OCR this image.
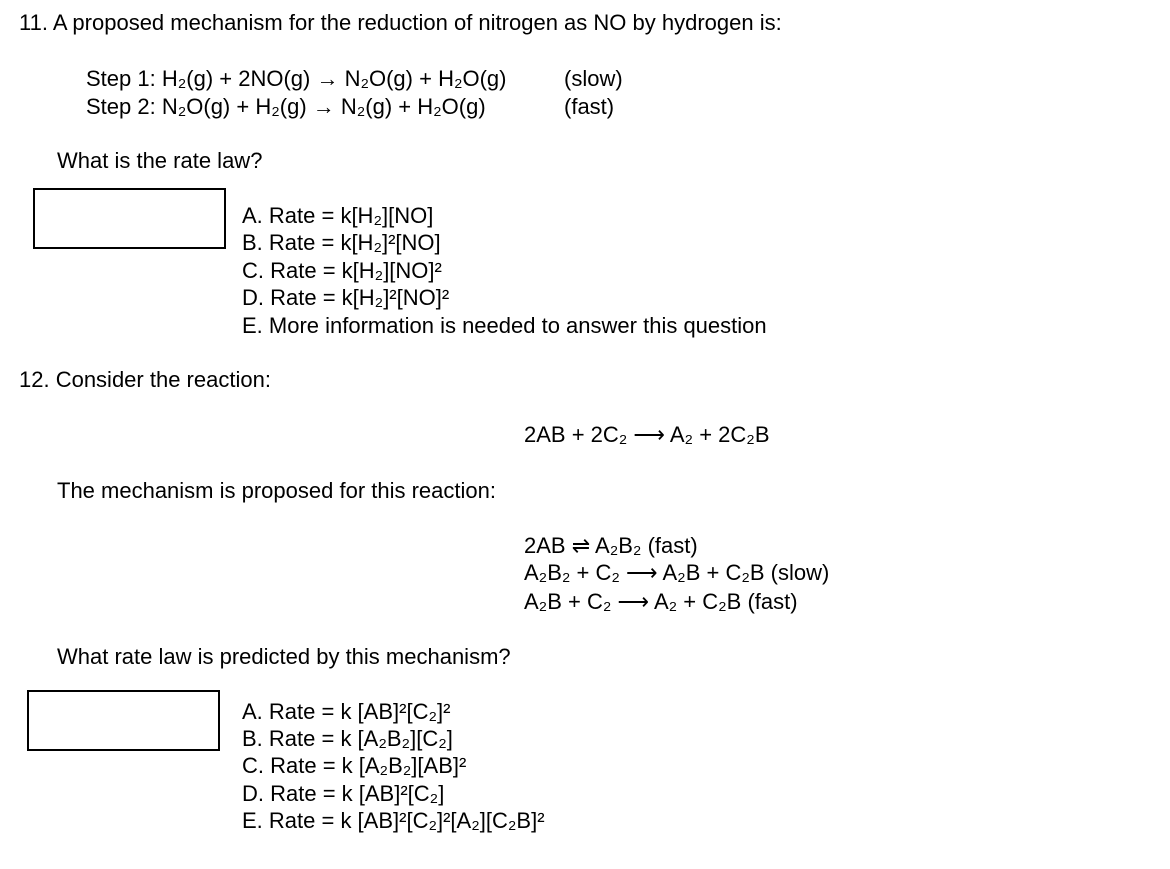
11. A proposed mechanism for the reduction of nitrogen as NO by hydrogen is:
Step 1: H₂(g) + 2NO(g) → N₂O(g) + H₂O(g)	(slow)
Step 2: N₂O(g) + H₂(g) → N₂(g) + H₂O(g)	(fast)
What is the rate law?
A. Rate = k[H₂][NO]
B. Rate = k[H₂]²[NO]
C. Rate = k[H₂][NO]²
D. Rate = k[H₂]²[NO]²
E. More information is needed to answer this question
12. Consider the reaction:
2AB + 2C₂ ⟶ A₂ + 2C₂B
The mechanism is proposed for this reaction:
2AB ⇌ A₂B₂ (fast)
A₂B₂ + C₂ ⟶ A₂B + C₂B (slow)
A₂B + C₂ ⟶ A₂ + C₂B (fast)
What rate law is predicted by this mechanism?
A. Rate = k [AB]²[C₂]²
B. Rate = k [A₂B₂][C₂]
C. Rate = k [A₂B₂][AB]²
D. Rate = k [AB]²[C₂]
E. Rate = k [AB]²[C₂]²[A₂][C₂B]²
